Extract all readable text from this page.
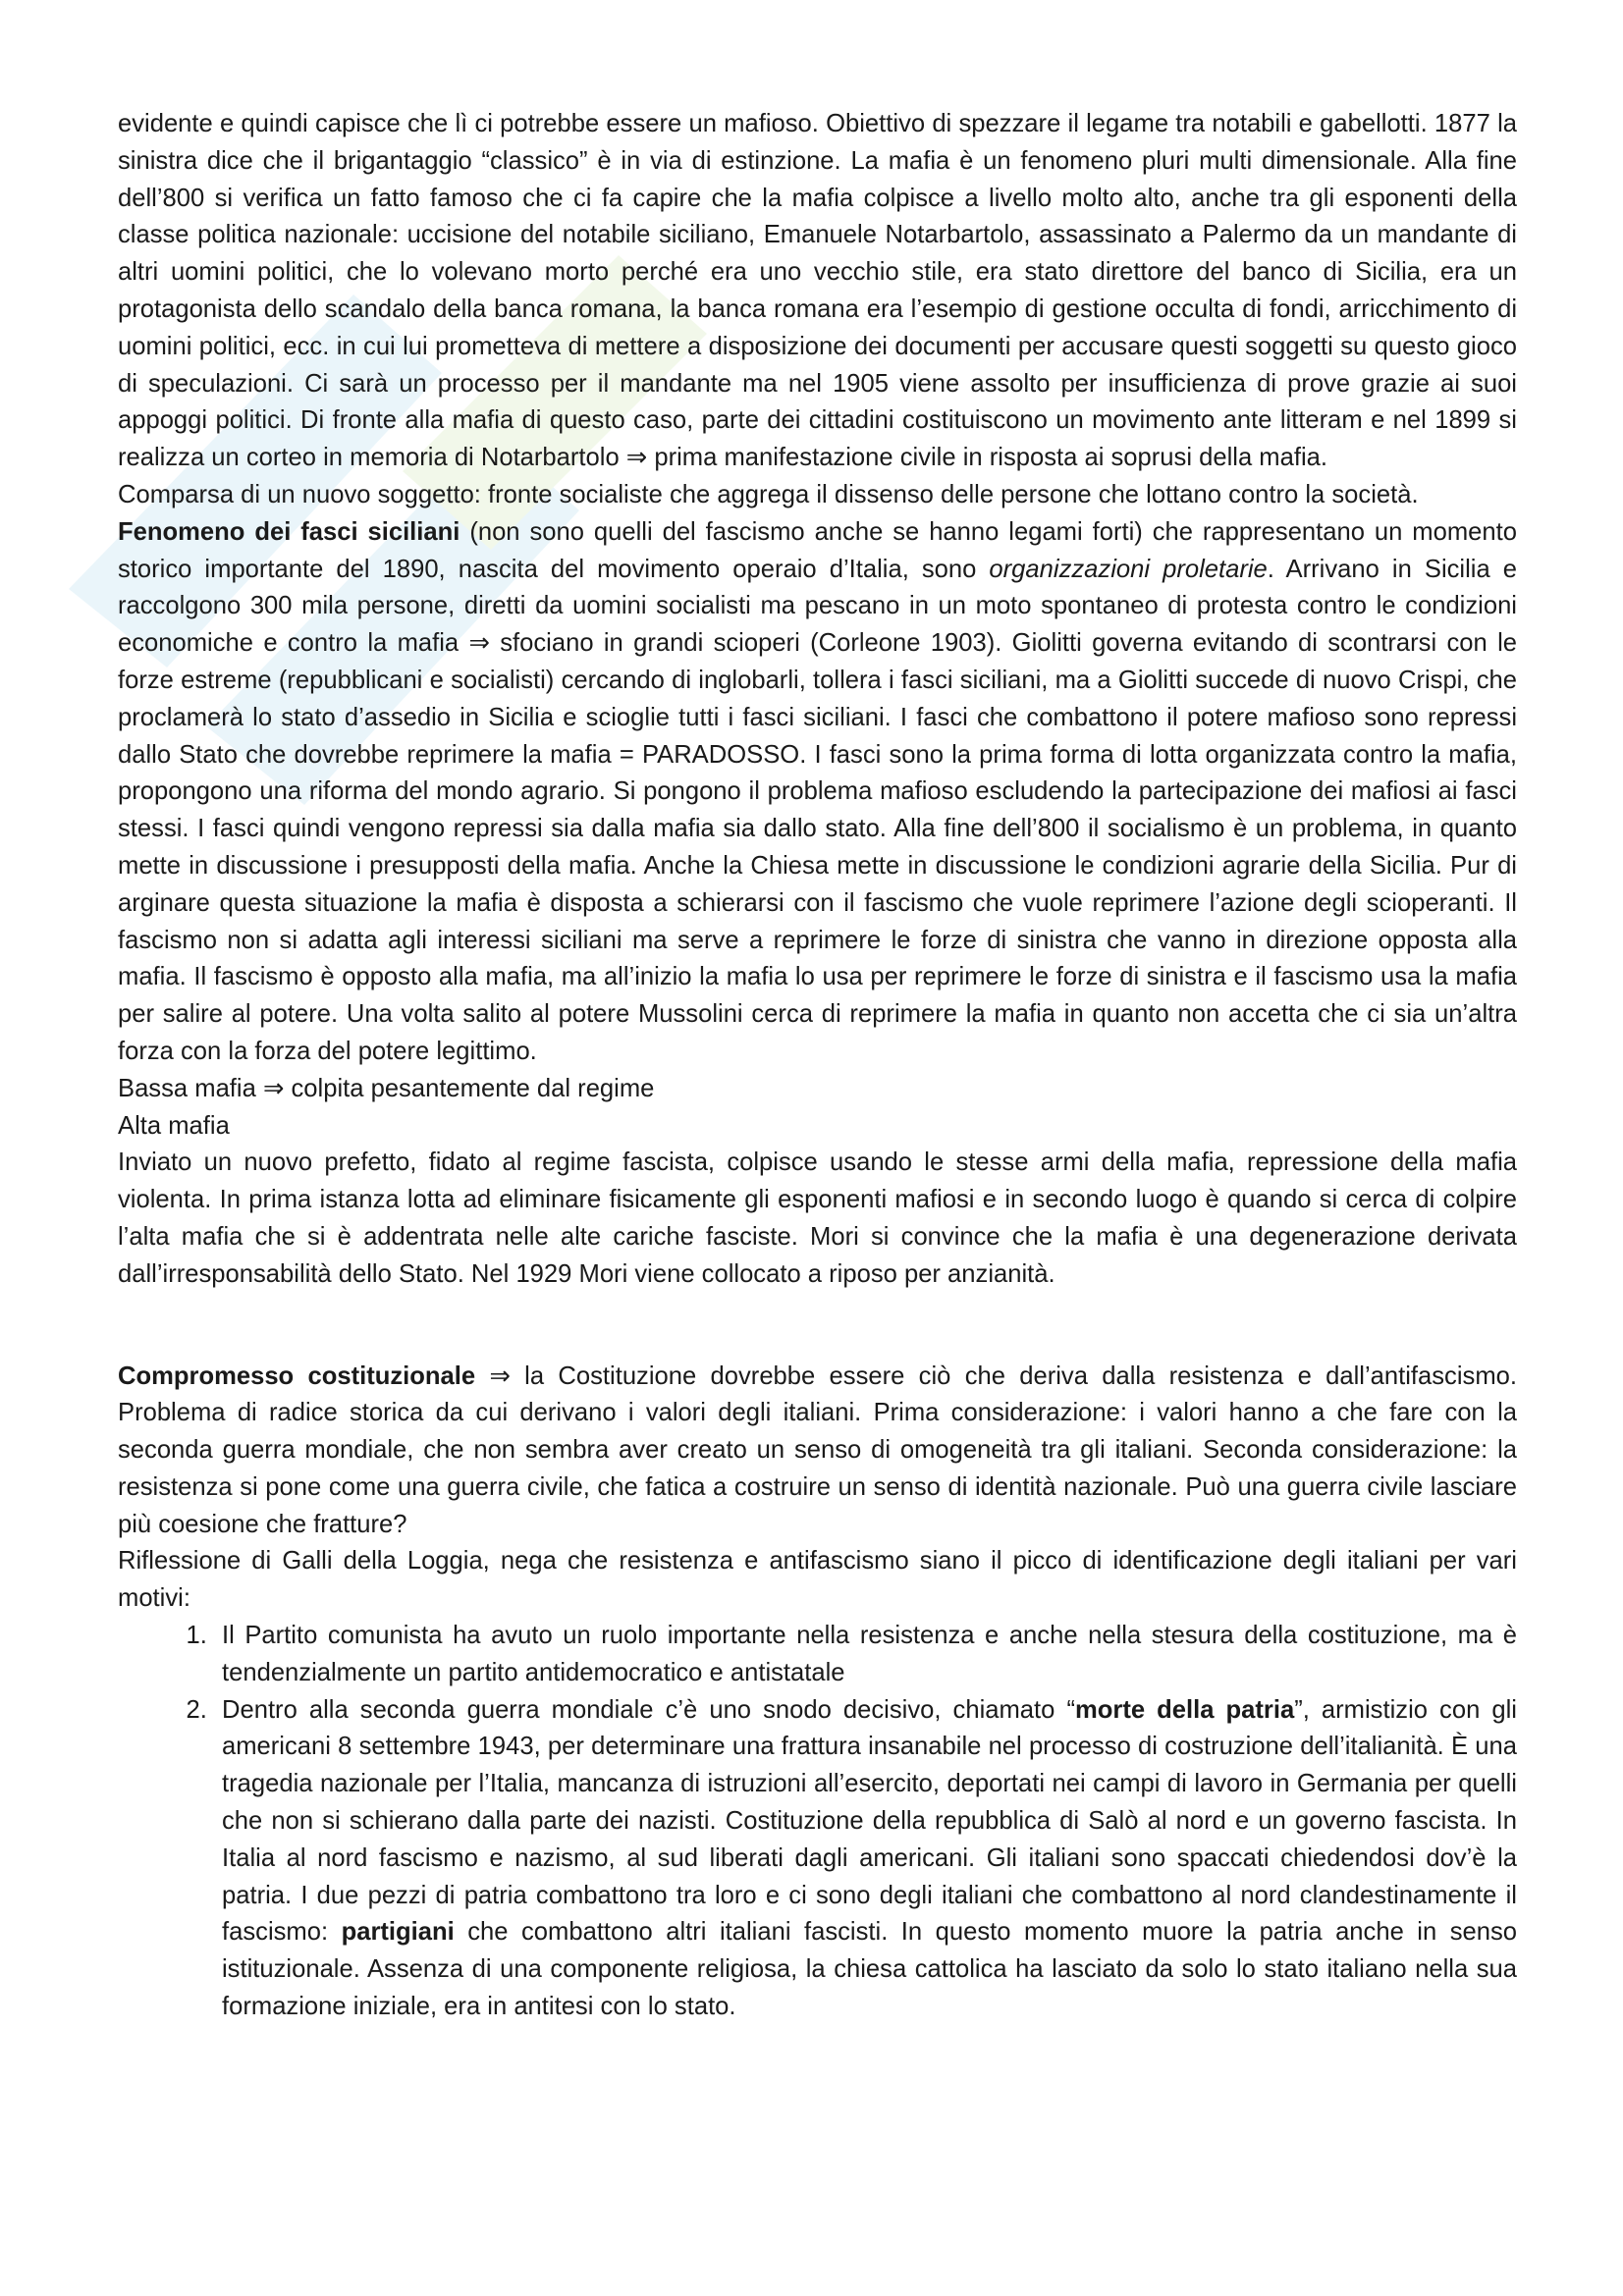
evidente e quindi capisce che lì ci potrebbe essere un mafioso. Obiettivo di spezzare il legame tra notabili e gabellotti. 1877 la sinistra dice che il brigantaggio “classico” è in via di estinzione. La mafia è un fenomeno pluri multi dimensionale. Alla fine dell’800 si verifica un fatto famoso che ci fa capire che la mafia colpisce a livello molto alto, anche tra gli esponenti della classe politica nazionale: uccisione del notabile siciliano, Emanuele Notarbartolo, assassinato a Palermo da un mandante di altri uomini politici, che lo volevano morto perché era uno vecchio stile, era stato direttore del banco di Sicilia, era un protagonista dello scandalo della banca romana, la banca romana era l’esempio di gestione occulta di fondi, arricchimento di uomini politici, ecc. in cui lui prometteva di mettere a disposizione dei documenti per accusare questi soggetti su questo gioco di speculazioni. Ci sarà un processo per il mandante ma nel 1905 viene assolto per insufficienza di prove grazie ai suoi appoggi politici. Di fronte alla mafia di questo caso, parte dei cittadini costituiscono un movimento ante litteram e nel 1899 si realizza un corteo in memoria di Notarbartolo ⇒ prima manifestazione civile in risposta ai soprusi della mafia.

Comparsa di un nuovo soggetto: fronte socialiste che aggrega il dissenso delle persone che lottano contro la società.

Fenomeno dei fasci siciliani (non sono quelli del fascismo anche se hanno legami forti) che rappresentano un momento storico importante del 1890, nascita del movimento operaio d’Italia, sono organizzazioni proletarie. Arrivano in Sicilia e raccolgono 300 mila persone, diretti da uomini socialisti ma pescano in un moto spontaneo di protesta contro le condizioni economiche e contro la mafia ⇒ sfociano in grandi scioperi (Corleone 1903). Giolitti governa evitando di scontrarsi con le forze estreme (repubblicani e socialisti) cercando di inglobarli, tollera i fasci siciliani, ma a Giolitti succede di nuovo Crispi, che proclamerà lo stato d’assedio in Sicilia e scioglie tutti i fasci siciliani. I fasci che combattono il potere mafioso sono repressi dallo Stato che dovrebbe reprimere la mafia = PARADOSSO. I fasci sono la prima forma di lotta organizzata contro la mafia, propongono una riforma del mondo agrario. Si pongono il problema mafioso escludendo la partecipazione dei mafiosi ai fasci stessi. I fasci quindi vengono repressi sia dalla mafia sia dallo stato. Alla fine dell’800 il socialismo è un problema, in quanto mette in discussione i presupposti della mafia. Anche la Chiesa mette in discussione le condizioni agrarie della Sicilia. Pur di arginare questa situazione la mafia è disposta a schierarsi con il fascismo che vuole reprimere l’azione degli scioperanti. Il fascismo non si adatta agli interessi siciliani ma serve a reprimere le forze di sinistra che vanno in direzione opposta alla mafia. Il fascismo è opposto alla mafia, ma all’inizio la mafia lo usa per reprimere le forze di sinistra e il fascismo usa la mafia per salire al potere. Una volta salito al potere Mussolini cerca di reprimere la mafia in quanto non accetta che ci sia un’altra forza con la forza del potere legittimo.

Bassa mafia ⇒ colpita pesantemente dal regime

Alta mafia

Inviato un nuovo prefetto, fidato al regime fascista, colpisce usando le stesse armi della mafia, repressione della mafia violenta. In prima istanza lotta ad eliminare fisicamente gli esponenti mafiosi e in secondo luogo è quando si cerca di colpire l’alta mafia che si è addentrata nelle alte cariche fasciste. Mori si convince che la mafia è una degenerazione derivata dall’irresponsabilità dello Stato. Nel 1929 Mori viene collocato a riposo per anzianità.

Compromesso costituzionale ⇒ la Costituzione dovrebbe essere ciò che deriva dalla resistenza e dall’antifascismo. Problema di radice storica da cui derivano i valori degli italiani. Prima considerazione: i valori hanno a che fare con la seconda guerra mondiale, che non sembra aver creato un senso di omogeneità tra gli italiani. Seconda considerazione: la resistenza si pone come una guerra civile, che fatica a costruire un senso di identità nazionale. Può una guerra civile lasciare più coesione che fratture?

Riflessione di Galli della Loggia, nega che resistenza e antifascismo siano il picco di identificazione degli italiani per vari motivi:

1. Il Partito comunista ha avuto un ruolo importante nella resistenza e anche nella stesura della costituzione, ma è tendenzialmente un partito antidemocratico e antistatale
2. Dentro alla seconda guerra mondiale c’è uno snodo decisivo, chiamato “morte della patria”, armistizio con gli americani 8 settembre 1943, per determinare una frattura insanabile nel processo di costruzione dell’italianità. È una tragedia nazionale per l’Italia, mancanza di istruzioni all’esercito, deportati nei campi di lavoro in Germania per quelli che non si schierano dalla parte dei nazisti. Costituzione della repubblica di Salò al nord e un governo fascista. In Italia al nord fascismo e nazismo, al sud liberati dagli americani. Gli italiani sono spaccati chiedendosi dov’è la patria. I due pezzi di patria combattono tra loro e ci sono degli italiani che combattono al nord clandestinamente il fascismo: partigiani che combattono altri italiani fascisti. In questo momento muore la patria anche in senso istituzionale. Assenza di una componente religiosa, la chiesa cattolica ha lasciato da solo lo stato italiano nella sua formazione iniziale, era in antitesi con lo stato.
